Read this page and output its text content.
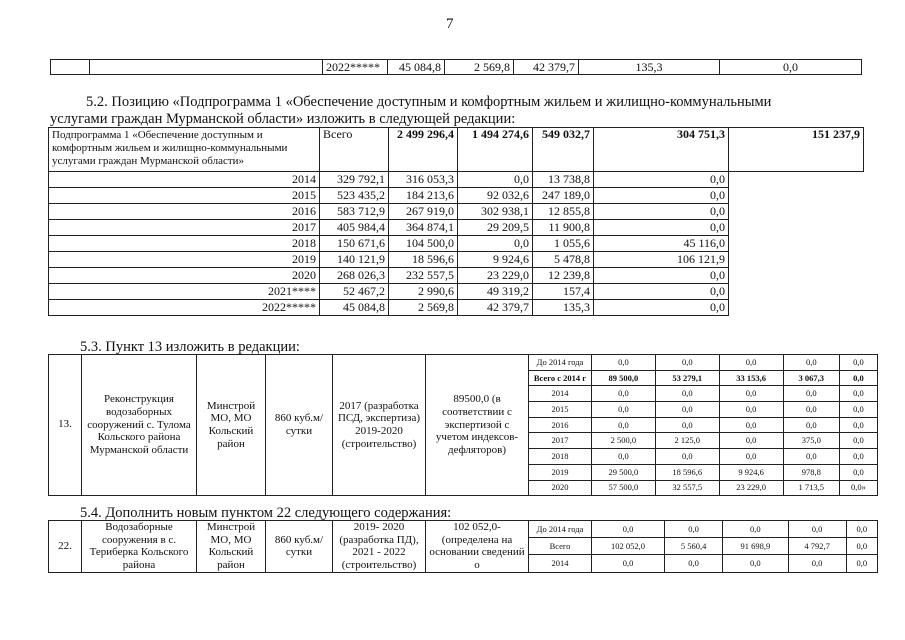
7
		2022*****	45 084,8	2 569,8	42 379,7	135,3	0,0
5.2. Позицию «Подпрограмма 1 «Обеспечение доступным и комфортным жильем и жилищно-коммунальными
услугами граждан Мурманской области» изложить в следующей редакции:
Подпрограмма 1 «Обеспечение доступным и комфортным жильем и жилищно-коммунальными услугами граждан Мурманской области»	Всего	2 499 296,4	1 494 274,6	549 032,7	304 751,3	151 237,9
2014	329 792,1	316 053,3	0,0	13 738,8	0,0	
2015	523 435,2	184 213,6	92 032,6	247 189,0	0,0	
2016	583 712,9	267 919,0	302 938,1	12 855,8	0,0	
2017	405 984,4	364 874,1	29 209,5	11 900,8	0,0	
2018	150 671,6	104 500,0	0,0	1 055,6	45 116,0	
2019	140 121,9	18 596,6	9 924,6	5 478,8	106 121,9	
2020	268 026,3	232 557,5	23 229,0	12 239,8	0,0	
2021****	52 467,2	2 990,6	49 319,2	157,4	0,0	
2022*****	45 084,8	2 569,8	42 379,7	135,3	0,0	
5.3. Пункт 13 изложить в редакции:
13.	Реконструкция водозаборных сооружений с. Тулома Кольского района Мурманской области	Минстрой МО, МО Кольский район	860 куб.м/сутки	2017 (разработка ПСД, экспертиза) 2019-2020 (строительство)	89500,0 (в соответствии с экспертизой с учетом индексов-дефляторов)	До 2014 года	0,0	0,0	0,0	0,0	0,0
						Всего с 2014 г	89 500,0	53 279,1	33 153,6	3 067,3	0,0
						2014	0,0	0,0	0,0	0,0	0,0
						2015	0,0	0,0	0,0	0,0	0,0
						2016	0,0	0,0	0,0	0,0	0,0
						2017	2 500,0	2 125,0	0,0	375,0	0,0
						2018	0,0	0,0	0,0	0,0	0,0
						2019	29 500,0	18 596,6	9 924,6	978,8	0,0
						2020	57 500,0	32 557,5	23 229,0	1 713,5	0,0»
5.4. Дополнить новым пунктом 22 следующего содержания:
22.	Водозаборные сооружения в с. Териберка Кольского района	Минстрой МО, МО Кольский район	860 куб.м/сутки	2019- 2020 (разработка ПД), 2021 - 2022 (строительство)	102 052,0- (определена на основании сведений о	До 2014 года	0,0	0,0	0,0	0,0	0,0
						Всего	102 052,0	5 560,4	91 698,9	4 792,7	0,0
						2014	0,0	0,0	0,0	0,0	0,0
